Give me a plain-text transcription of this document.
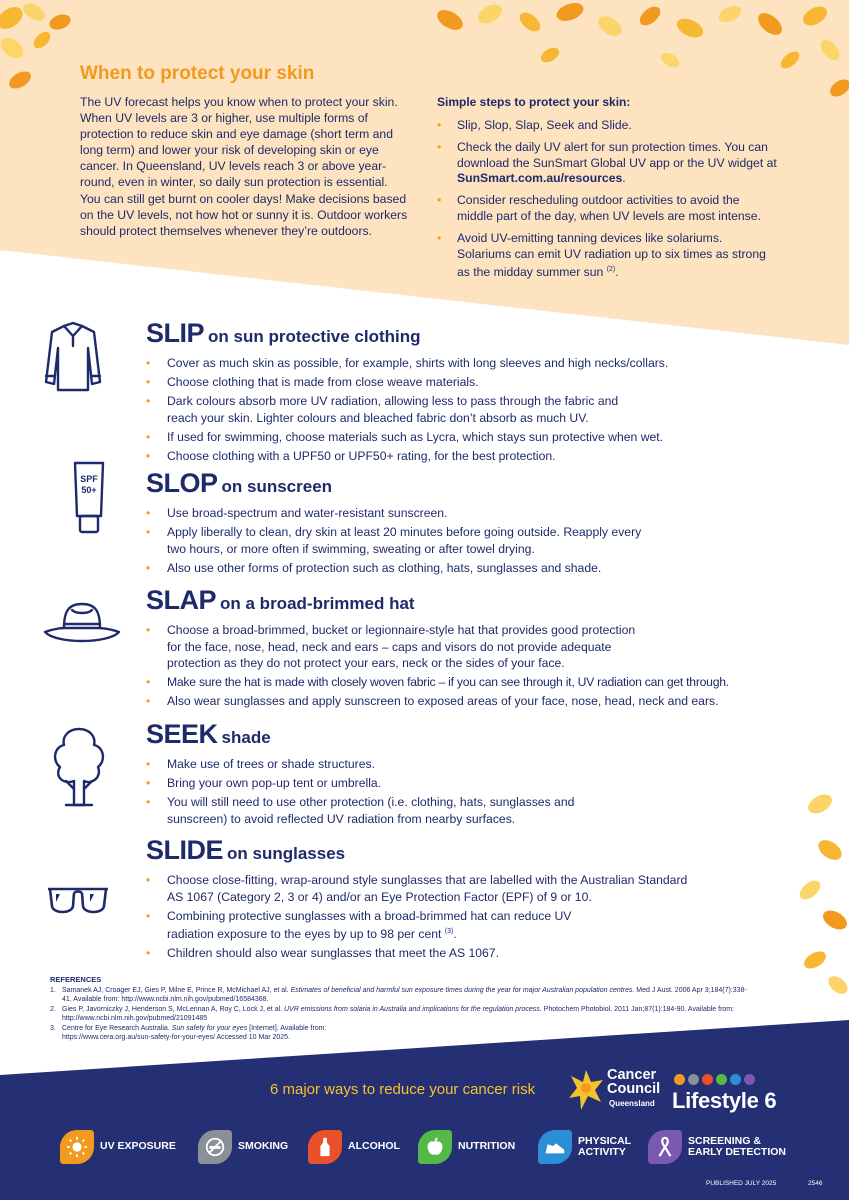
When to protect your skin

The UV forecast helps you know when to protect your skin. When UV levels are 3 or higher, use multiple forms of protection to reduce skin and eye damage (short term and long term) and lower your risk of developing skin or eye cancer. In Queensland, UV levels reach 3 or above year-round, even in winter, so daily sun protection is essential. You can still get burnt on cooler days! Make decisions based on the UV levels, not how hot or sunny it is. Outdoor workers should protect themselves whenever they’re outdoors.

Simple steps to protect your skin:
• Slip, Slop, Slap, Seek and Slide.
• Check the daily UV alert for sun protection times. You can download the SunSmart Global UV app or the UV widget at SunSmart.com.au/resources.
• Consider rescheduling outdoor activities to avoid the middle part of the day, when UV levels are most intense.
• Avoid UV-emitting tanning devices like solariums. Solariums can emit UV radiation up to six times as strong as the midday summer sun $^{(2)}$.
SPF
50+
SLIP on sun protective clothing
• Cover as much skin as possible, for example, shirts with long sleeves and high necks/collars.
• Choose clothing that is made from close weave materials.
• Dark colours absorb more UV radiation, allowing less to pass through the fabric and reach your skin. Lighter colours and bleached fabric don’t absorb as much UV.
• If used for swimming, choose materials such as Lycra, which stays sun protective when wet.
• Choose clothing with a UPF50 or UPF50+ rating, for the best protection.
SLOP on sunscreen
• Use broad-spectrum and water-resistant sunscreen.
• Apply liberally to clean, dry skin at least 20 minutes before going outside. Reapply every two hours, or more often if swimming, sweating or after towel drying.
• Also use other forms of protection such as clothing, hats, sunglasses and shade.
SLAP on a broad-brimmed hat
• Choose a broad-brimmed, bucket or legionnaire-style hat that provides good protection for the face, nose, head, neck and ears – caps and visors do not provide adequate protection as they do not protect your ears, neck or the sides of your face.
• Make sure the hat is made with closely woven fabric – if you can see through it, UV radiation can get through.
• Also wear sunglasses and apply sunscreen to exposed areas of your face, nose, head, neck and ears.
SEEK shade
• Make use of trees or shade structures.
• Bring your own pop-up tent or umbrella.
• You will still need to use other protection (i.e. clothing, hats, sunglasses and sunscreen) to avoid reflected UV radiation from nearby surfaces.
SLIDE on sunglasses
• Choose close-fitting, wrap-around style sunglasses that are labelled with the Australian Standard AS 1067 (Category 2, 3 or 4) and/or an Eye Protection Factor (EPF) of 9 or 10.
• Combining protective sunglasses with a broad-brimmed hat can reduce UV radiation exposure to the eyes by up to 98 per cent $^{(3)}$.
• Children should also wear sunglasses that meet the AS 1067.
REFERENCES
1. Samanek AJ, Croager EJ, Gies P, Milne E, Prince R, McMichael AJ, et al. Estimates of beneficial and harmful sun exposure times during the year for major Australian population centres. Med J Aust. 2006 Apr 3;184(7):338-41. Available from: http://www.ncbi.nlm.nih.gov/pubmed/16584368.
2. Gies P, Javorniczky J, Henderson S, McLennan A, Roy C, Lock J, et al. UVR emissions from solaria in Australia and implications for the regulation process. Photochem Photobiol. 2011 Jan;87(1):184-90. Available from: http://www.ncbi.nlm.nih.gov/pubmed/21091485
3. Centre for Eye Research Australia. Sun safety for your eyes [Internet]. Available from: https://www.cera.org.au/sun-safety-for-your-eyes/ Accessed 10 Mar 2025.
6 major ways to reduce your cancer risk
Cancer
Council
Queensland Lifestyle 6
UV EXPOSURE	SMOKING	ALCOHOL	NUTRITION	PHYSICAL
ACTIVITY
SCREENING &
EARLY DETECTION
PUBLISHED JULY 2025	2546
